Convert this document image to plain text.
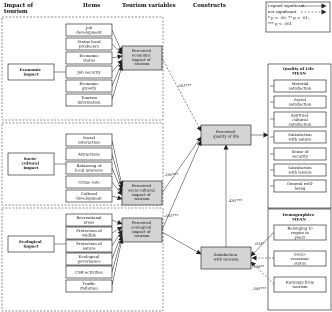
Impact of tourism
Items	Tourism variables	Constructs	Legend significant
not significant
* p < .05; ** p < .01;
*** p < .001
Economic impact
Socio- cultural impact
Ecological impact
Job development
Status local producers
Economic status
Job security
Economic growth
Tourism information
Social interaction
Attractions
Balancing of local interests
Crime rate
Cultural development
Recreational areas
Protection of wildlife
Protection of nature
Ecological governance
CSR activities
Traffic Pollution
Perceived economic impact of tourism
Perceived socio-cultural impact of tourism
Perceived ecological impact of tourism
Perceived quality of life
Satisfaction with tourism
Quality of Life MEAN
Demographics MEAN
Material satisfaction
Social satisfaction
Spiritual-cultural satisfaction
Satisfaction with nature
Sense of security
Satisfaction with leisure
General well-being
Belonging to region in years
Socio-economic status
Earnings from tourism
.001***
.200***
.561***
.492***
.031*
.108**
.305***
